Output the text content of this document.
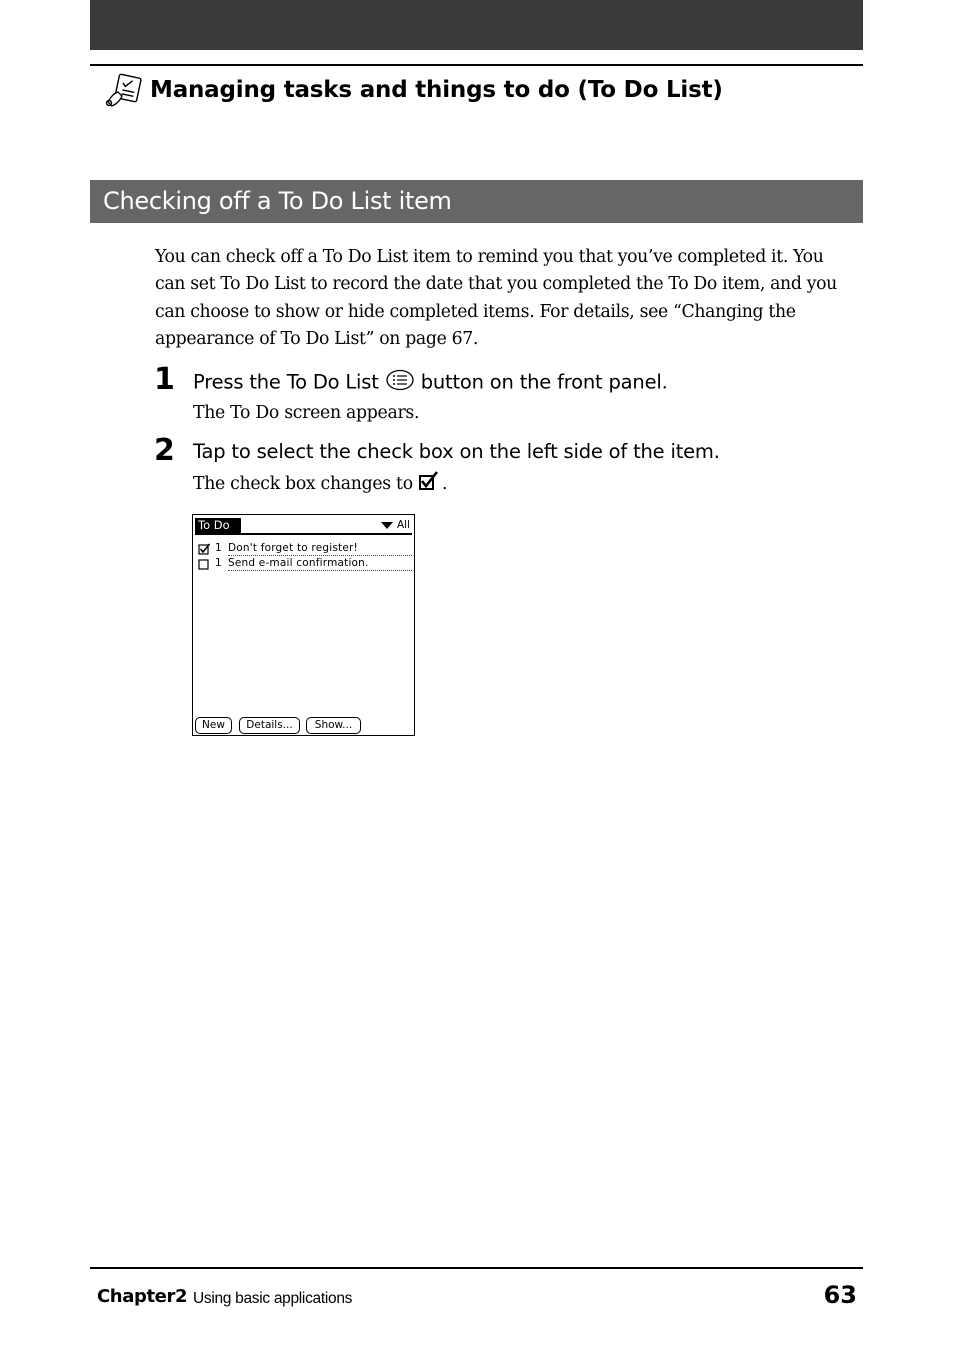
Managing tasks and things to do (To Do List)
Checking off a To Do List item

You can check off a To Do List item to remind you that you’ve completed it. You can set To Do List to record the date that you completed the To Do item, and you can choose to show or hide completed items. For details, see “Changing the appearance of To Do List” on page 67.

1 Press the To Do List button on the front panel.
The To Do screen appears.
2 Tap to select the check box on the left side of the item.
The check box changes to .
To Do	All
1 Don't forget to register!
1 Send e-mail confirmation.
New	Details...	Show...
Chapter2 Using basic applications	63
